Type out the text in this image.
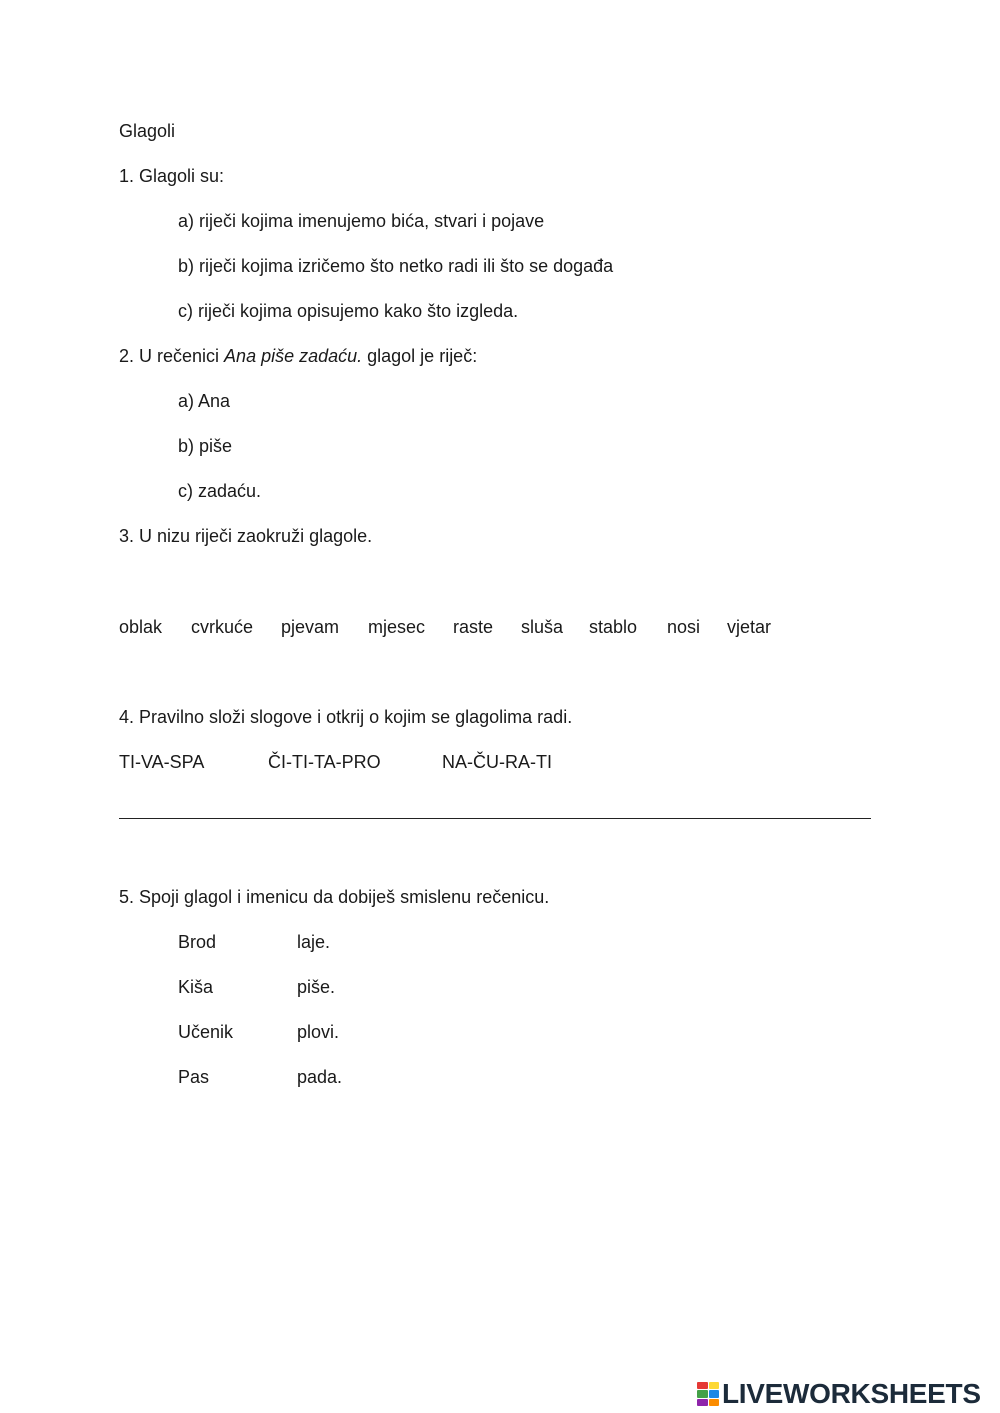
Glagoli
1. Glagoli su:
a) riječi kojima imenujemo bića, stvari i pojave
b) riječi kojima izričemo što netko radi ili što se događa
c) riječi kojima opisujemo kako što izgleda.
2. U rečenici Ana piše zadaću. glagol je riječ:
a) Ana
b) piše
c) zadaću.
3. U nizu riječi zaokruži glagole.
oblak cvrkuće pjevam mjesec raste sluša stablo nosi vjetar
4. Pravilno složi slogove i otkrij o kojim se glagolima radi.
TI-VA-SPA	ČI-TI-TA-PRO	NA-ČU-RA-TI
5. Spoji glagol i imenicu da dobiješ smislenu rečenicu.
Brod	laje.
Kiša	piše.
Učenik	plovi.
Pas	pada.
LIVEWORKSHEETS
